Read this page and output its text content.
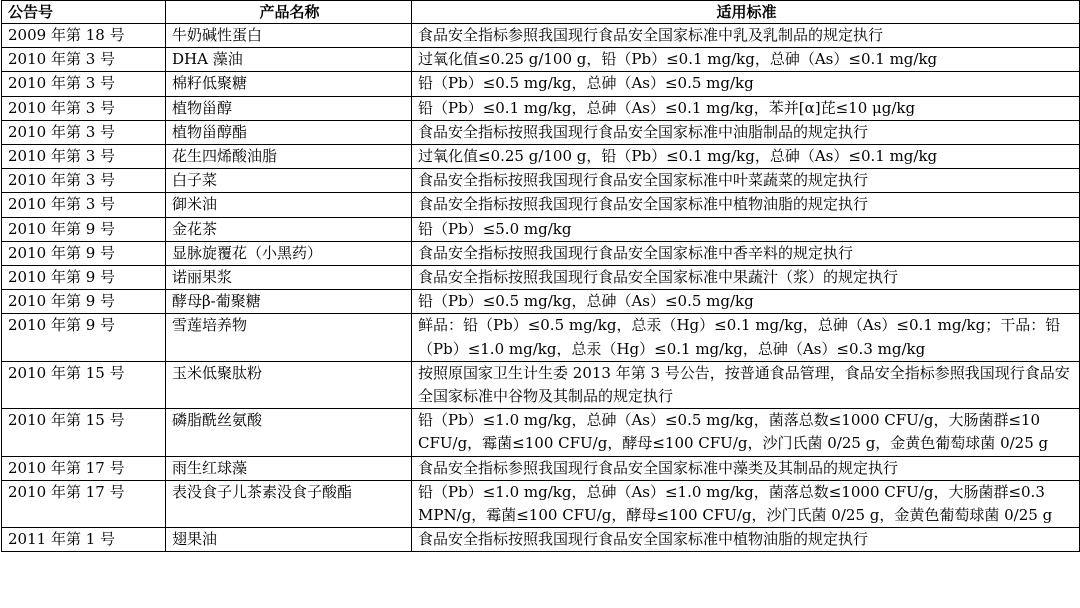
公告号	产品名称	适用标准
2009 年第 18 号	牛奶碱性蛋白	食品安全指标参照我国现行食品安全国家标准中乳及乳制品的规定执行
2010 年第 3 号	DHA 藻油	过氧化值≤0.25 g/100 g，铅（Pb）≤0.1 mg/kg，总砷（As）≤0.1 mg/kg
2010 年第 3 号	棉籽低聚糖	铅（Pb）≤0.5 mg/kg，总砷（As）≤0.5 mg/kg
2010 年第 3 号	植物甾醇	铅（Pb）≤0.1 mg/kg，总砷（As）≤0.1 mg/kg，苯并[α]芘≤10 μg/kg
2010 年第 3 号	植物甾醇酯	食品安全指标按照我国现行食品安全国家标准中油脂制品的规定执行
2010 年第 3 号	花生四烯酸油脂	过氧化值≤0.25 g/100 g，铅（Pb）≤0.1 mg/kg，总砷（As）≤0.1 mg/kg
2010 年第 3 号	白子菜	食品安全指标按照我国现行食品安全国家标准中叶菜蔬菜的规定执行
2010 年第 3 号	御米油	食品安全指标按照我国现行食品安全国家标准中植物油脂的规定执行
2010 年第 9 号	金花茶	铅（Pb）≤5.0 mg/kg
2010 年第 9 号	显脉旋覆花（小黑药）	食品安全指标按照我国现行食品安全国家标准中香辛料的规定执行
2010 年第 9 号	诺丽果浆	食品安全指标按照我国现行食品安全国家标准中果蔬汁（浆）的规定执行
2010 年第 9 号	酵母β-葡聚糖	铅（Pb）≤0.5 mg/kg，总砷（As）≤0.5 mg/kg
2010 年第 9 号	雪莲培养物	鲜品：铅（Pb）≤0.5 mg/kg，总汞（Hg）≤0.1 mg/kg，总砷（As）≤0.1 mg/kg；干品：铅（Pb）≤1.0 mg/kg，总汞（Hg）≤0.1 mg/kg，总砷（As）≤0.3 mg/kg
2010 年第 15 号	玉米低聚肽粉	按照原国家卫生计生委 2013 年第 3 号公告，按普通食品管理，食品安全指标参照我国现行食品安全国家标准中谷物及其制品的规定执行
2010 年第 15 号	磷脂酰丝氨酸	铅（Pb）≤1.0 mg/kg，总砷（As）≤0.5 mg/kg，菌落总数≤1000 CFU/g，大肠菌群≤10 CFU/g，霉菌≤100 CFU/g，酵母≤100 CFU/g，沙门氏菌 0/25 g，金黄色葡萄球菌 0/25 g
2010 年第 17 号	雨生红球藻	食品安全指标参照我国现行食品安全国家标准中藻类及其制品的规定执行
2010 年第 17 号	表没食子儿茶素没食子酸酯	铅（Pb）≤1.0 mg/kg，总砷（As）≤1.0 mg/kg，菌落总数≤1000 CFU/g，大肠菌群≤0.3 MPN/g，霉菌≤100 CFU/g，酵母≤100 CFU/g，沙门氏菌 0/25 g，金黄色葡萄球菌 0/25 g
2011 年第 1 号	翅果油	食品安全指标按照我国现行食品安全国家标准中植物油脂的规定执行
